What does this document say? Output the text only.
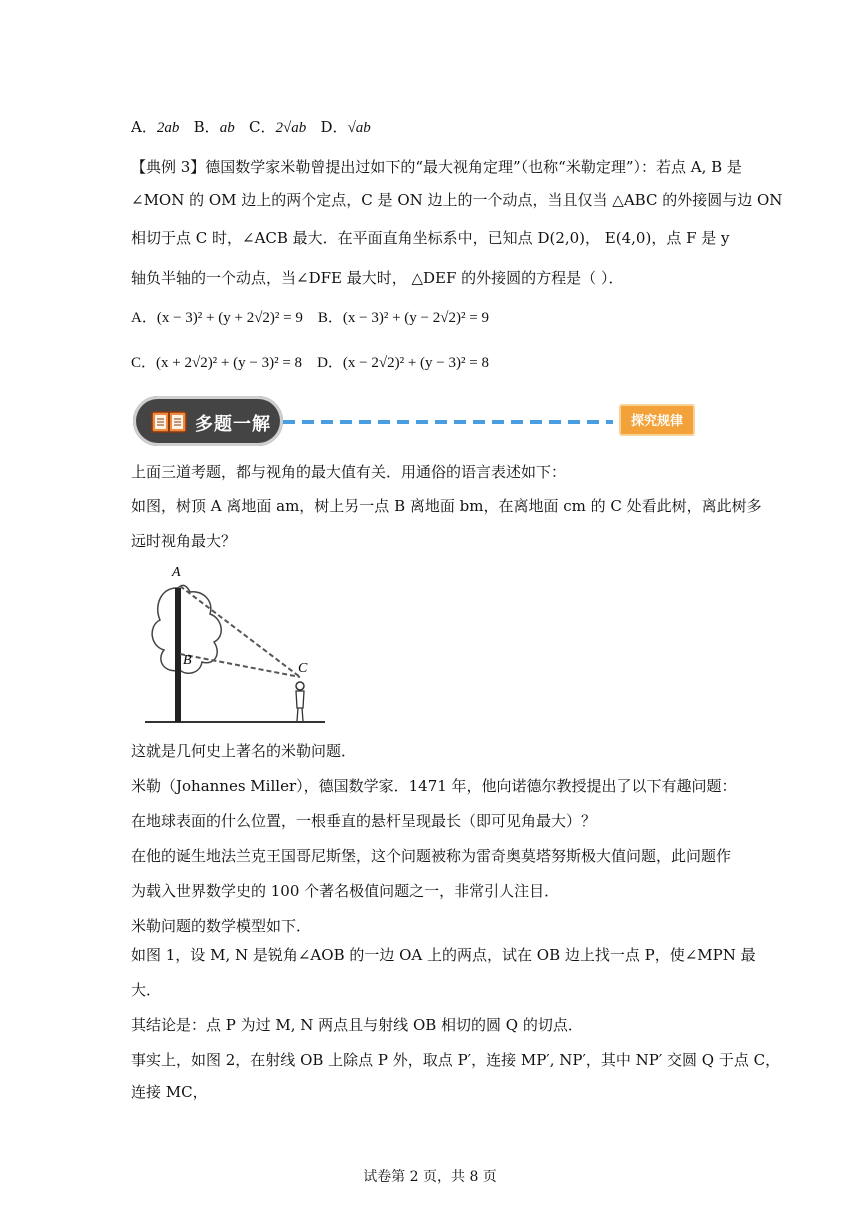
A．2ab B．ab C．2√ab D．√ab
【典例 3】德国数学家米勒曾提出过如下的“最大视角定理”（也称“米勒定理”）：若点 A, B 是
∠MON 的 OM 边上的两个定点，C 是 ON 边上的一个动点，当且仅当 △ABC 的外接圆与边 ON
相切于点 C 时，∠ACB 最大．在平面直角坐标系中，已知点 D(2,0)， E(4,0)，点 F 是 y
轴负半轴的一个动点，当∠DFE 最大时， △DEF 的外接圆的方程是（ ）．
A．(x − 3)² + (y + 2√2)² = 9 B．(x − 3)² + (y − 2√2)² = 9
C．(x + 2√2)² + (y − 3)² = 8 D．(x − 2√2)² + (y − 3)² = 8
多题一解	探究规律
上面三道考题，都与视角的最大值有关．用通俗的语言表述如下：
如图，树顶 A 离地面 am，树上另一点 B 离地面 bm，在离地面 cm 的 C 处看此树，离此树多
远时视角最大？
A
B
C
这就是几何史上著名的米勒问题．
米勒（Johannes Miller），德国数学家．1471 年，他向诺德尔教授提出了以下有趣问题：
在地球表面的什么位置，一根垂直的悬杆呈现最长（即可见角最大）？
在他的诞生地法兰克王国哥尼斯堡，这个问题被称为雷奇奥莫塔努斯极大值问题，此问题作
为载入世界数学史的 100 个著名极值问题之一，非常引人注目．
米勒问题的数学模型如下．
如图 1，设 M, N 是锐角∠AOB 的一边 OA 上的两点，试在 OB 边上找一点 P，使∠MPN 最
大．
其结论是：点 P 为过 M, N 两点且与射线 OB 相切的圆 Q 的切点．
事实上，如图 2，在射线 OB 上除点 P 外，取点 P′，连接 MP′, NP′，其中 NP′ 交圆 Q 于点 C，
连接 MC，
试卷第 2 页，共 8 页
